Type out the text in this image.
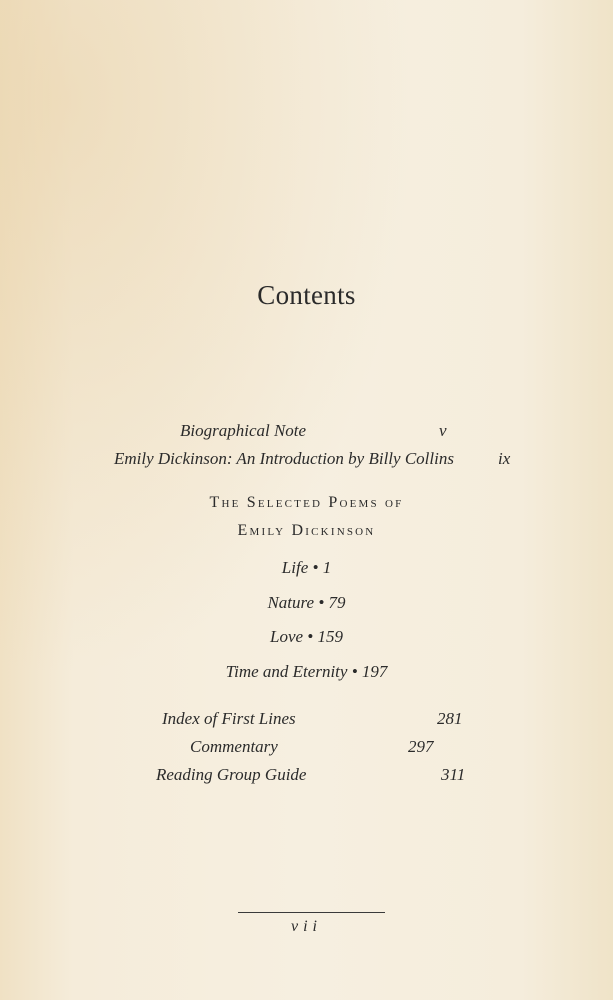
Contents
Biographical Note	v
Emily Dickinson: An Introduction by Billy Collins	ix
The Selected Poems of
Emily Dickinson
Life • 1
Nature • 79
Love • 159
Time and Eternity • 197
Index of First Lines	281
Commentary	297
Reading Group Guide	311
vii
